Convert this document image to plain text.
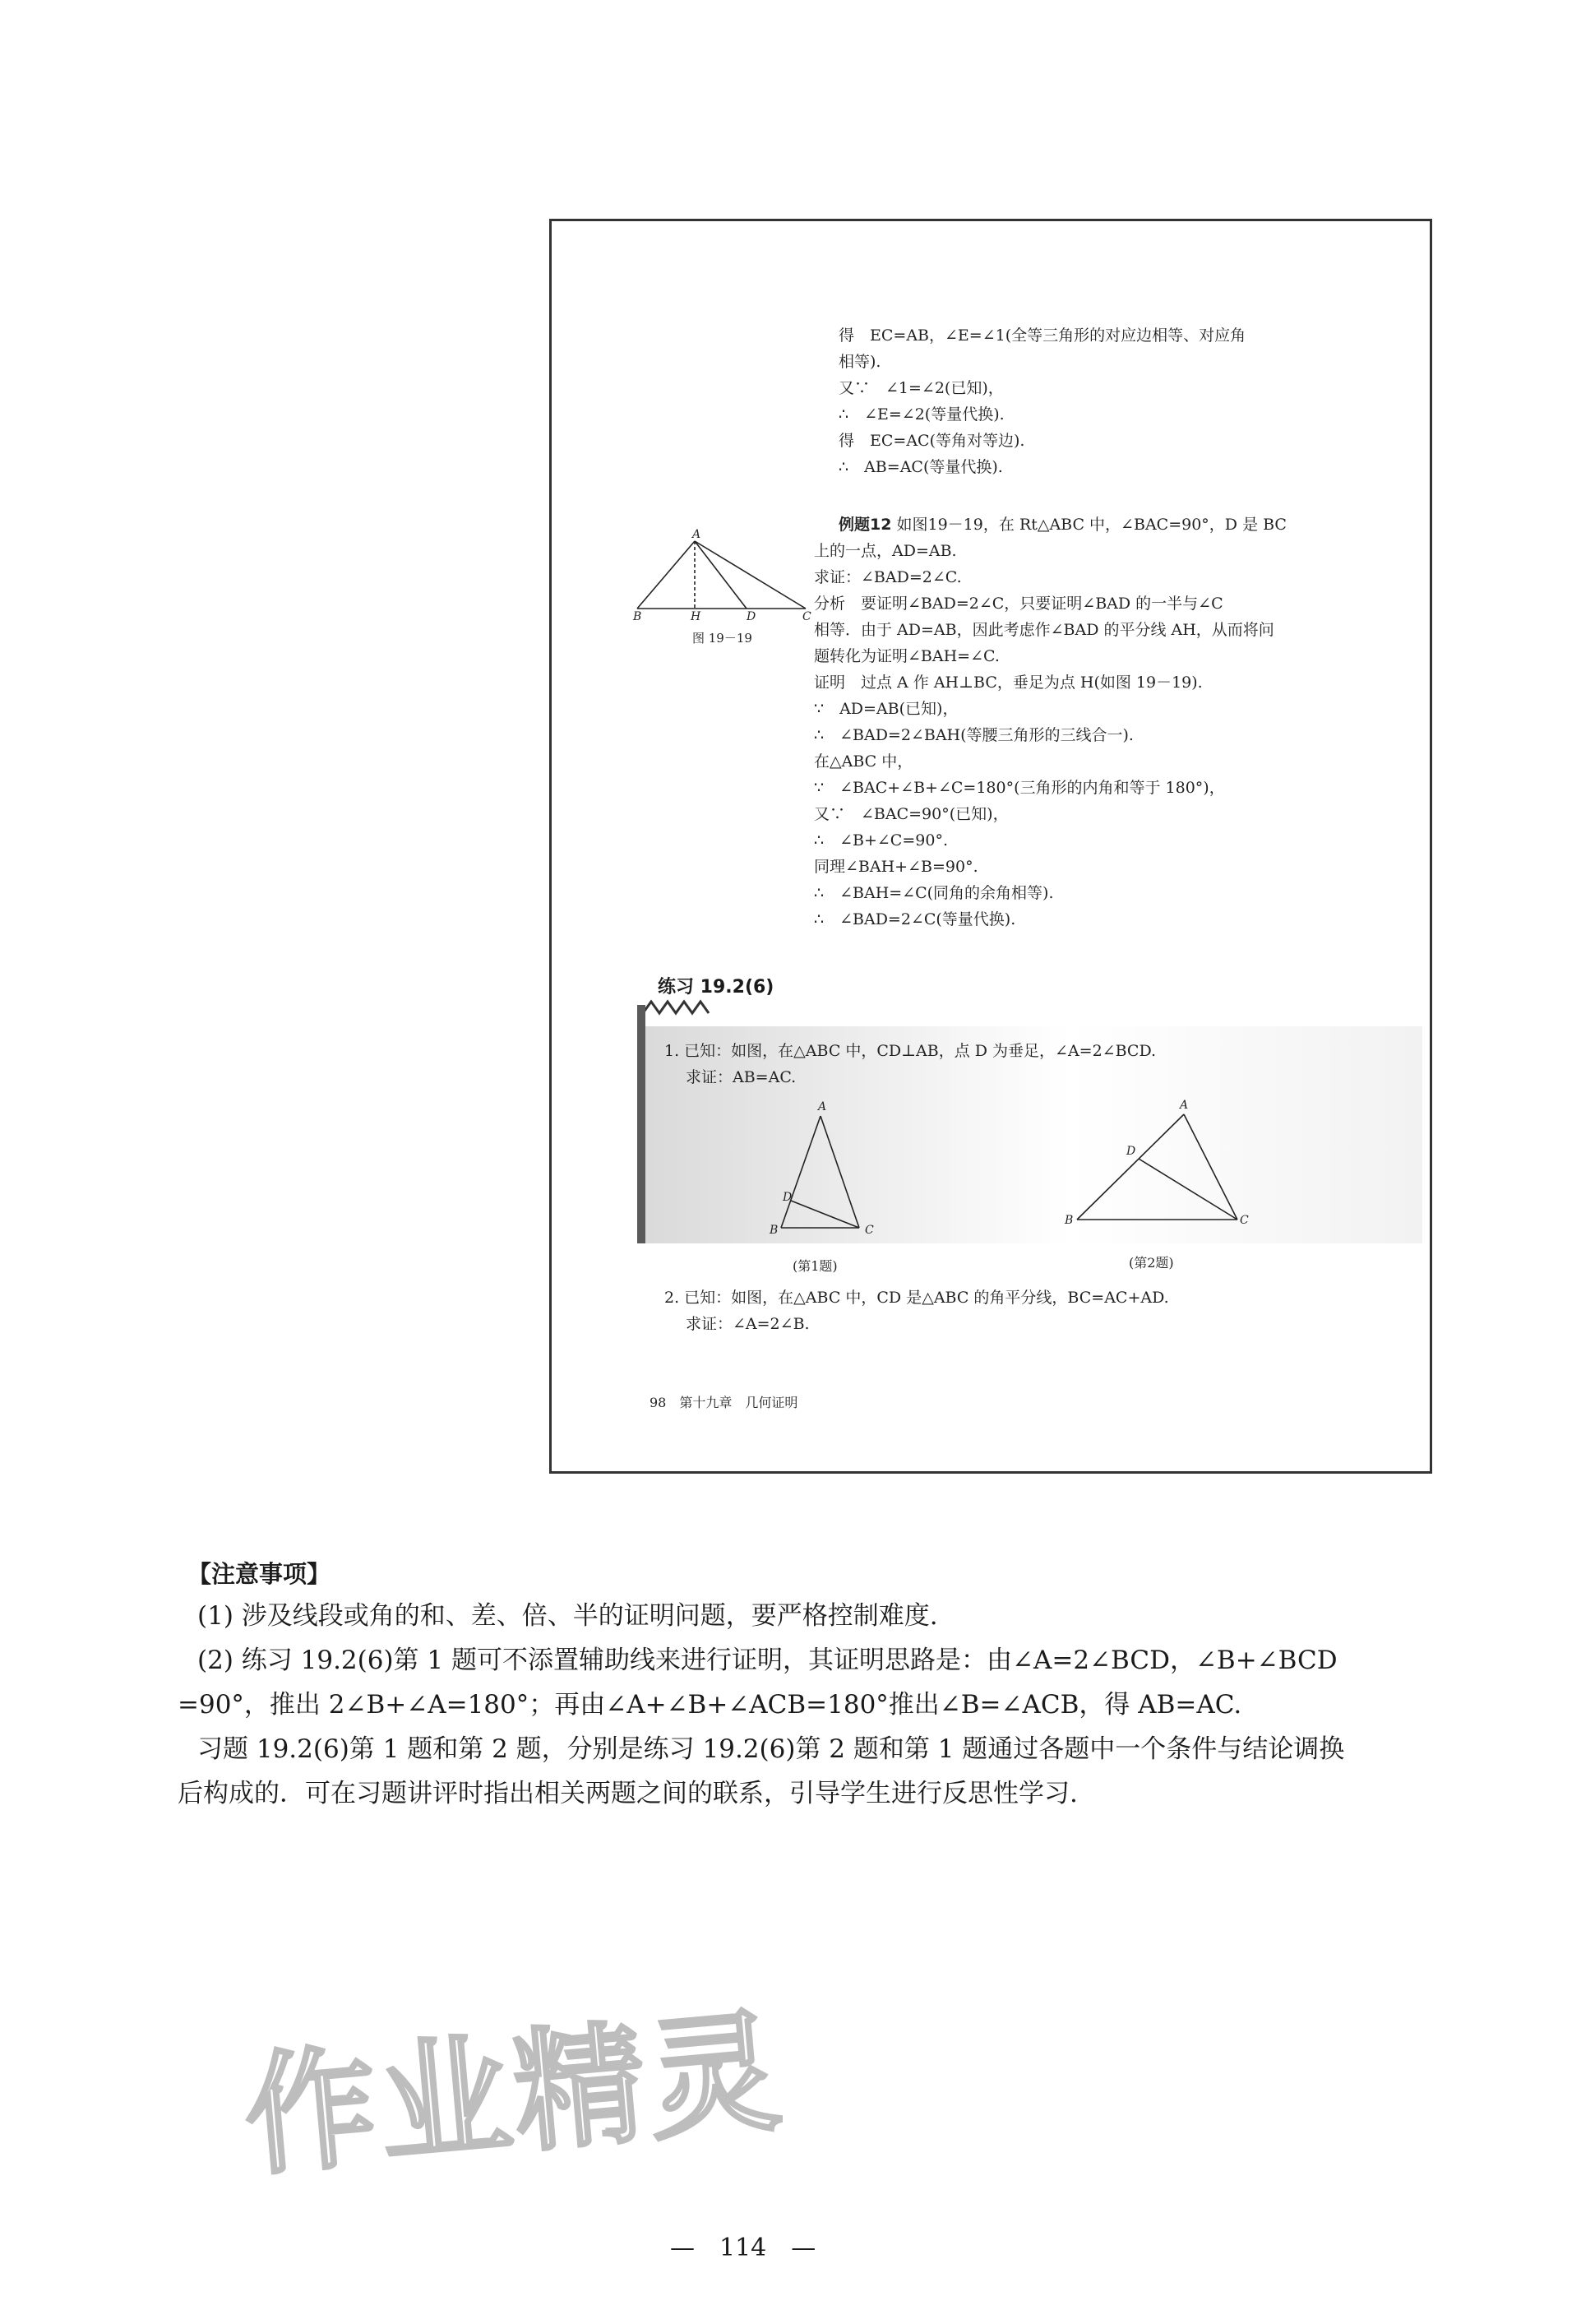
得　EC=AB，∠E=∠1(全等三角形的对应边相等、对应角
相等).
又∵　∠1=∠2(已知)，
∴　∠E=∠2(等量代换).
得　EC=AC(等角对等边).
∴　AB=AC(等量代换).
A
B	H	D	C
图 19－19
例题12 如图19－19，在 Rt△ABC 中，∠BAC=90°，D 是 BC
上的一点，AD=AB.
求证：∠BAD=2∠C.
分析　要证明∠BAD=2∠C，只要证明∠BAD 的一半与∠C
相等．由于 AD=AB，因此考虑作∠BAD 的平分线 AH，从而将问
题转化为证明∠BAH=∠C.
证明　过点 A 作 AH⊥BC，垂足为点 H(如图 19－19).
∵　AD=AB(已知)，
∴　∠BAD=2∠BAH(等腰三角形的三线合一).
在△ABC 中，
∵　∠BAC+∠B+∠C=180°(三角形的内角和等于 180°)，
又∵　∠BAC=90°(已知)，
∴　∠B+∠C=90°.
同理∠BAH+∠B=90°.
∴　∠BAH=∠C(同角的余角相等).
∴　∠BAD=2∠C(等量代换).
练习 19.2(6)
1. 已知：如图，在△ABC 中，CD⊥AB，点 D 为垂足，∠A=2∠BCD.
求证：AB=AC.
A
D
B	C
(第1题)
A
D
B	C
(第2题)
2. 已知：如图，在△ABC 中，CD 是△ABC 的角平分线，BC=AC+AD.
求证：∠A=2∠B.
98　第十九章　几何证明
【注意事项】
(1) 涉及线段或角的和、差、倍、半的证明问题，要严格控制难度.
(2) 练习 19.2(6)第 1 题可不添置辅助线来进行证明，其证明思路是：由∠A=2∠BCD，∠B+∠BCD
=90°，推出 2∠B+∠A=180°；再由∠A+∠B+∠ACB=180°推出∠B=∠ACB，得 AB=AC.
习题 19.2(6)第 1 题和第 2 题，分别是练习 19.2(6)第 2 题和第 1 题通过各题中一个条件与结论调换
后构成的．可在习题讲评时指出相关两题之间的联系，引导学生进行反思性学习.
作业精灵
—　114　—
